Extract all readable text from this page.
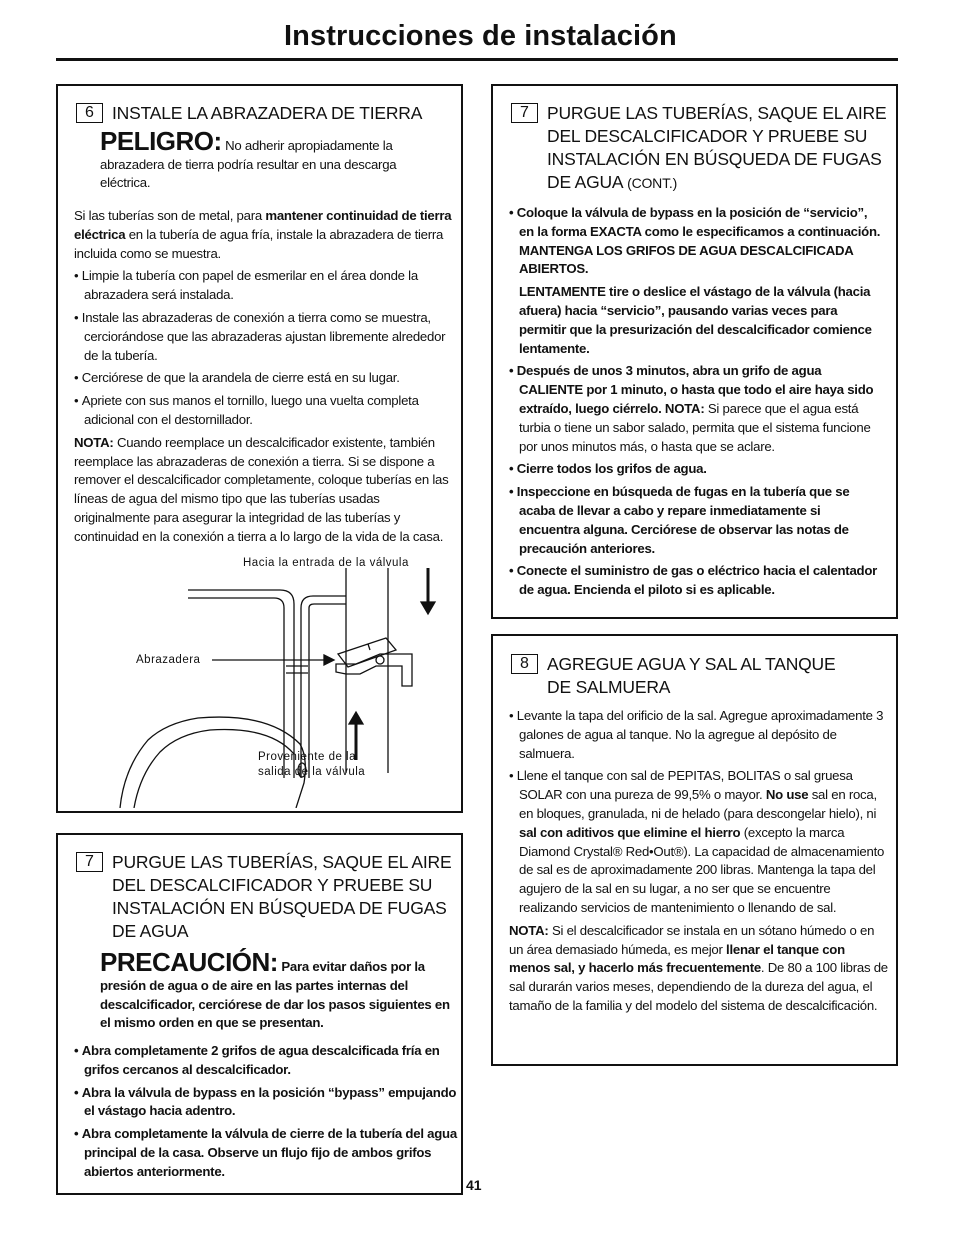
Instrucciones de instalación
6	INSTALE LA ABRAZADERA DE TIERRA
PELIGRO: No adherir apropiadamente la abrazadera de tierra podría resultar en una descarga eléctrica.

Si las tuberías son de metal, para mantener continuidad de tierra eléctrica en la tubería de agua fría, instale la abrazadera de tierra incluida como se muestra.

• Limpie la tubería con papel de esmerilar en el área donde la abrazadera será instalada.
• Instale las abrazaderas de conexión a tierra como se muestra, cerciorándose que las abrazaderas ajustan libremente alrededor de la tubería.
• Cerciórese de que la arandela de cierre está en su lugar.
• Apriete con sus manos el tornillo, luego una vuelta completa adicional con el destornillador.

NOTA: Cuando reemplace un descalcificador existente, también reemplace las abrazaderas de conexión a tierra. Si se dispone a remover el descalcificador completamente, coloque tuberías en las líneas de agua del mismo tipo que las tuberías usadas originalmente para asegurar la integridad de las tuberías y continuidad en la conexión a tierra a lo largo de la vida de la casa.

Hacia la entrada de la válvula
Abrazadera
Proveniente de la
salida de la válvula
7	PURGUE LAS TUBERÍAS, SAQUE EL AIRE DEL DESCALCIFICADOR Y PRUEBE SU INSTALACIÓN EN BÚSQUEDA DE FUGAS DE AGUA
PRECAUCIÓN: Para evitar daños por la presión de agua o de aire en las partes internas del descalcificador, cerciórese de dar los pasos siguientes en el mismo orden en que se presentan.
• Abra completamente 2 grifos de agua descalcificada fría en grifos cercanos al descalcificador.
• Abra la válvula de bypass en la posición “bypass” empujando el vástago hacia adentro.
• Abra completamente la válvula de cierre de la tubería del agua principal de la casa. Observe un flujo fijo de ambos grifos abiertos anteriormente.
7	PURGUE LAS TUBERÍAS, SAQUE EL AIRE DEL DESCALCIFICADOR Y PRUEBE SU INSTALACIÓN EN BÚSQUEDA DE FUGAS DE AGUA (CONT.)
• Coloque la válvula de bypass en la posición de “servicio”, en la forma EXACTA como le especificamos a continuación. MANTENGA LOS GRIFOS DE AGUA DESCALCIFICADA ABIERTOS.

LENTAMENTE tire o deslice el vástago de la válvula (hacia afuera) hacia “servicio”, pausando varias veces para permitir que la presurización del descalcificador comience lentamente.

• Después de unos 3 minutos, abra un grifo de agua CALIENTE por 1 minuto, o hasta que todo el aire haya sido extraído, luego ciérrelo. NOTA: Si parece que el agua está turbia o tiene un sabor salado, permita que el sistema funcione por unos minutos más, o hasta que se aclare.
• Cierre todos los grifos de agua.
• Inspeccione en búsqueda de fugas en la tubería que se acaba de llevar a cabo y repare inmediatamente si encuentra alguna. Cerciórese de observar las notas de precaución anteriores.
• Conecte el suministro de gas o eléctrico hacia el calentador de agua. Encienda el piloto si es aplicable.
8	AGREGUE AGUA Y SAL AL TANQUE DE SALMUERA
• Levante la tapa del orificio de la sal. Agregue aproximadamente 3 galones de agua al tanque. No la agregue al depósito de salmuera.
• Llene el tanque con sal de PEPITAS, BOLITAS o sal gruesa SOLAR con una pureza de 99,5% o mayor. No use sal en roca, en bloques, granulada, ni de helado (para descongelar hielo), ni sal con aditivos que elimine el hierro (excepto la marca Diamond Crystal® Red•Out®). La capacidad de almacenamiento de sal es de aproximadamente 200 libras. Mantenga la tapa del agujero de la sal en su lugar, a no ser que se encuentre realizando servicios de mantenimiento o llenando de sal.

NOTA: Si el descalcificador se instala en un sótano húmedo o en un área demasiado húmeda, es mejor llenar el tanque con menos sal, y hacerlo más frecuentemente. De 80 a 100 libras de sal durarán varios meses, dependiendo de la dureza del agua, el tamaño de la familia y del modelo del sistema de descalcificación.

41
